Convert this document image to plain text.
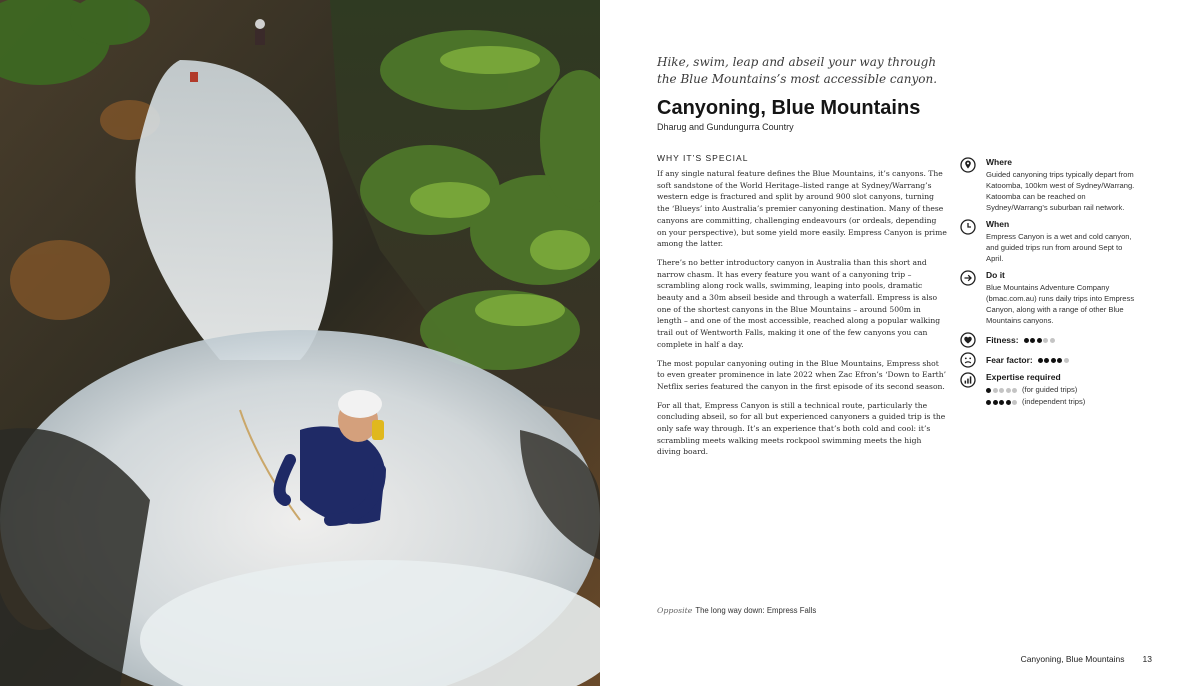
Hike, swim, leap and abseil your way through the Blue Mountains’s most accessible canyon.

Canyoning, Blue Mountains

Dharug and Gundungurra Country

WHY IT’S SPECIAL

If any single natural feature defines the Blue Mountains, it’s canyons. The soft sandstone of the World Heritage–listed range at Sydney/Warrang’s western edge is fractured and split by around 900 slot canyons, turning the ‘Blueys’ into Australia’s premier canyoning destination. Many of these canyons are committing, challenging endeavours (or ordeals, depending on your perspective), but some yield more easily. Empress Canyon is prime among the latter.

There’s no better introductory canyon in Australia than this short and narrow chasm. It has every feature you want of a canyoning trip – scrambling along rock walls, swimming, leaping into pools, dramatic beauty and a 30m abseil beside and through a waterfall. Empress is also one of the shortest canyons in the Blue Mountains – around 500m in length – and one of the most accessible, reached along a popular walking trail out of Wentworth Falls, making it one of the few canyons you can complete in half a day.

The most popular canyoning outing in the Blue Mountains, Empress shot to even greater prominence in late 2022 when Zac Efron’s ‘Down to Earth’ Netflix series featured the canyon in the first episode of its second season.

For all that, Empress Canyon is still a technical route, particularly the concluding abseil, so for all but experienced canyoners a guided trip is the only safe way through. It’s an experience that’s both cold and cool: it’s scrambling meets walking meets rockpool swimming meets the high diving board.

Where

Guided canyoning trips typically depart from Katoomba, 100km west of Sydney/Warrang. Katoomba can be reached on Sydney/Warrang’s suburban rail network.

When

Empress Canyon is a wet and cold canyon, and guided trips run from around Sept to April.

Do it

Blue Mountains Adventure Company (bmac.com.au) runs daily trips into Empress Canyon, along with a range of other Blue Mountains canyons.

Fitness:
Fear factor:

Expertise required

(for guided trips)
(independent trips)
Opposite The long way down: Empress Falls
Canyoning, Blue Mountains 13
